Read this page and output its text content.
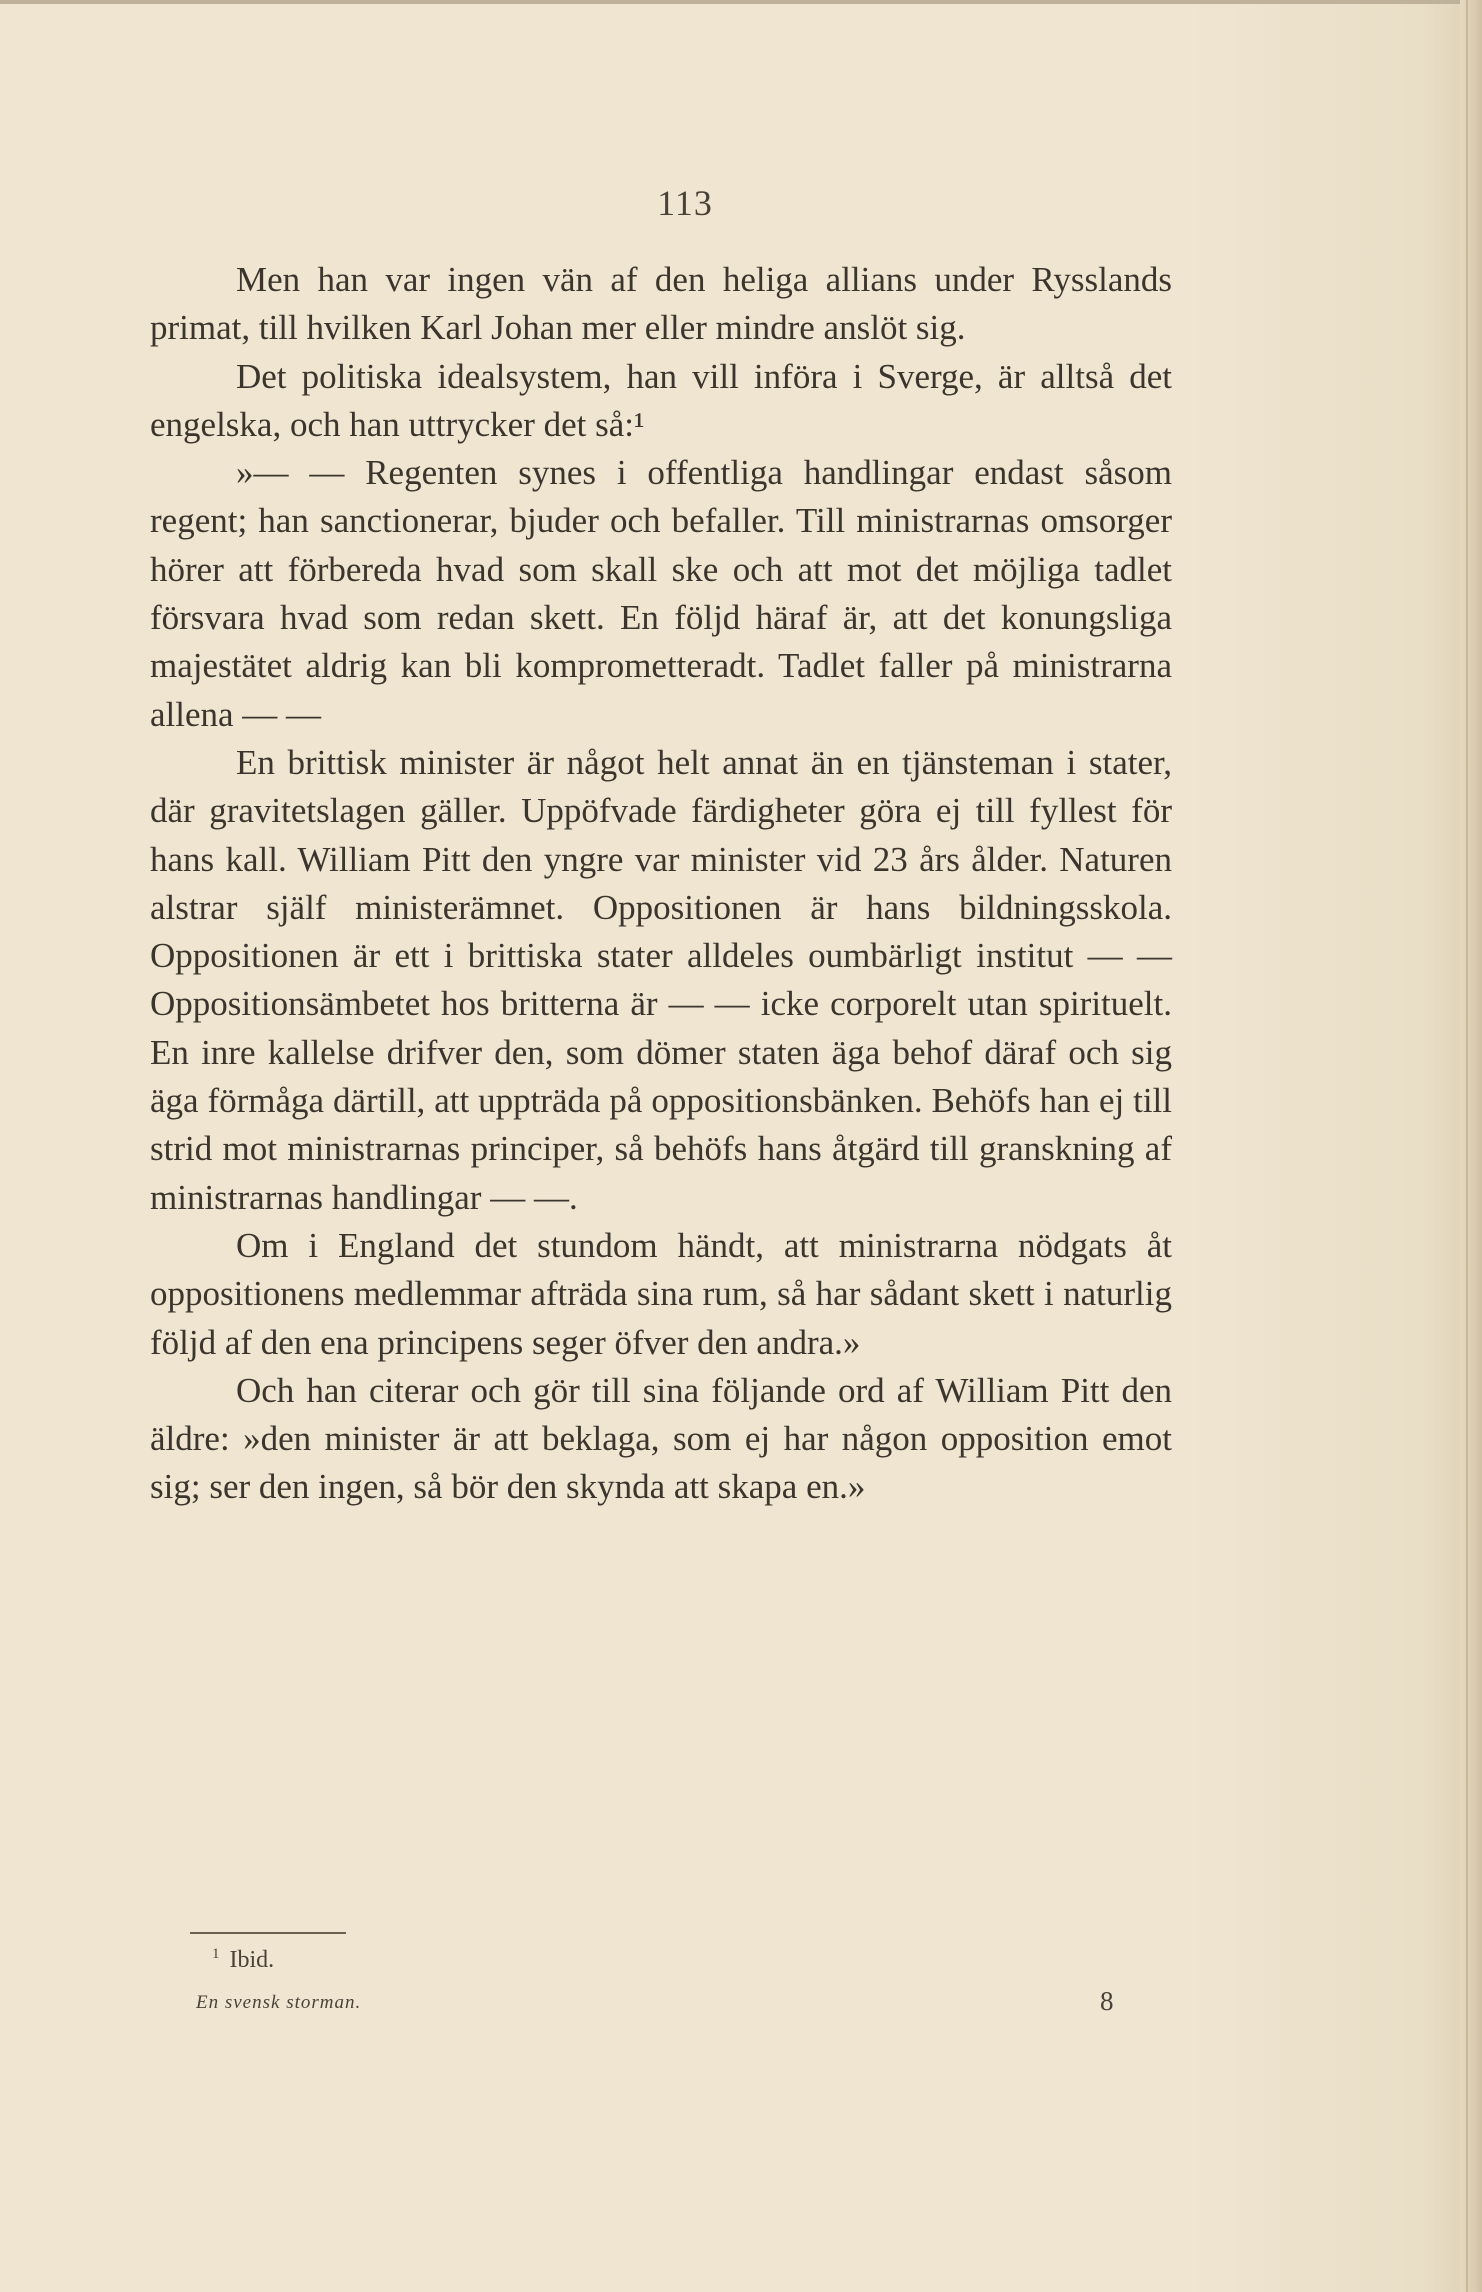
113

Men han var ingen vän af den heliga allians under Rysslands primat, till hvilken Karl Johan mer eller mindre anslöt sig.

Det politiska idealsystem, han vill införa i Sverge, är alltså det engelska, och han uttrycker det så:¹

»— — Regenten synes i offentliga handlingar endast såsom regent; han sanctionerar, bjuder och befaller. Till ministrarnas omsorger hörer att förbereda hvad som skall ske och att mot det möjliga tadlet försvara hvad som redan skett. En följd häraf är, att det konungsliga majestätet aldrig kan bli komprometteradt. Tadlet faller på ministrarna allena — —

En brittisk minister är något helt annat än en tjänsteman i stater, där gravitetslagen gäller. Uppöfvade färdigheter göra ej till fyllest för hans kall. William Pitt den yngre var minister vid 23 års ålder. Naturen alstrar själf ministerämnet. Oppositionen är hans bildningsskola. Oppositionen är ett i brittiska stater alldeles oumbärligt institut — — Oppositionsämbetet hos britterna är — — icke corporelt utan spirituelt. En inre kallelse drifver den, som dömer staten äga behof däraf och sig äga förmåga därtill, att uppträda på oppositionsbänken. Behöfs han ej till strid mot ministrarnas principer, så behöfs hans åtgärd till granskning af ministrarnas handlingar — —.

Om i England det stundom händt, att ministrarna nödgats åt oppositionens medlemmar afträda sina rum, så har sådant skett i naturlig följd af den ena principens seger öfver den andra.»

Och han citerar och gör till sina följande ord af William Pitt den äldre: »den minister är att beklaga, som ej har någon opposition emot sig; ser den ingen, så bör den skynda att skapa en.»

$^1$ Ibid.
En svensk storman.	8
